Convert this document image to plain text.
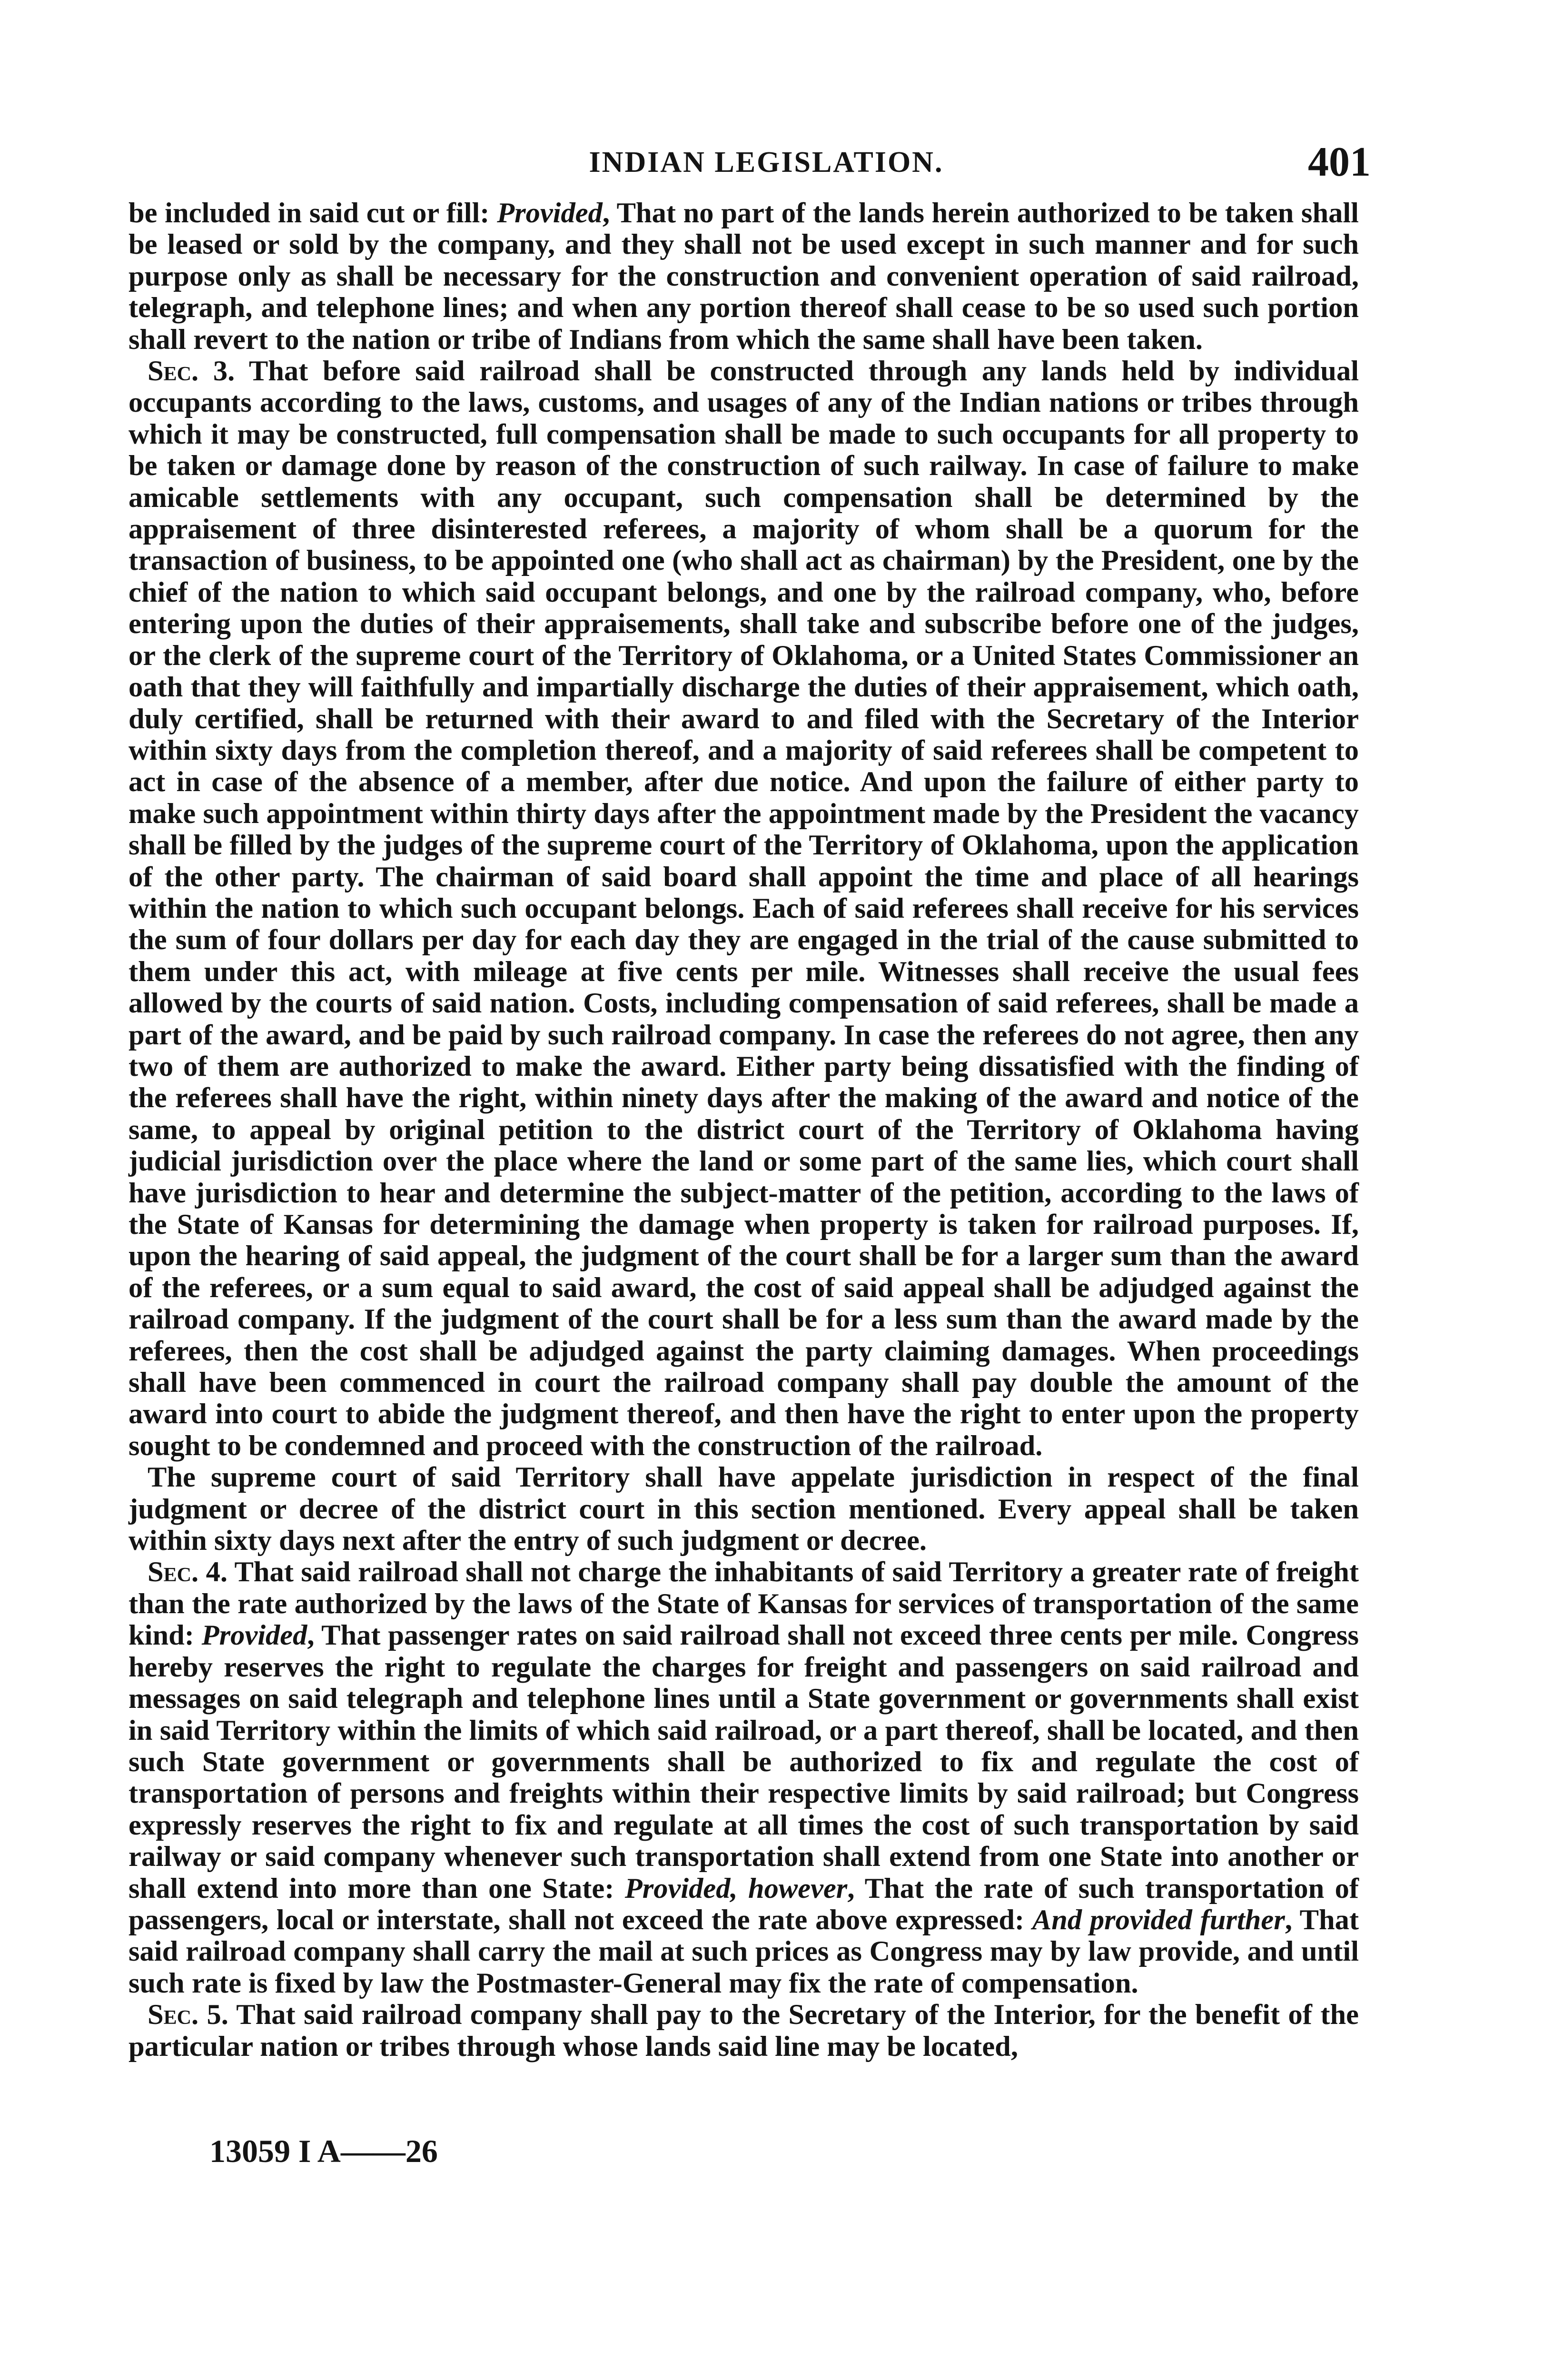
INDIAN LEGISLATION.	401

be included in said cut or fill: Provided, That no part of the lands herein authorized to be taken shall be leased or sold by the company, and they shall not be used except in such manner and for such purpose only as shall be necessary for the construction and convenient operation of said railroad, telegraph, and telephone lines; and when any portion thereof shall cease to be so used such portion shall revert to the nation or tribe of Indians from which the same shall have been taken.

Sec. 3. That before said railroad shall be constructed through any lands held by individual occupants according to the laws, customs, and usages of any of the Indian nations or tribes through which it may be constructed, full compensation shall be made to such occupants for all property to be taken or damage done by reason of the construction of such railway. In case of failure to make amicable settlements with any occupant, such compensation shall be determined by the appraisement of three disinterested referees, a majority of whom shall be a quorum for the transaction of business, to be appointed one (who shall act as chairman) by the President, one by the chief of the nation to which said occupant belongs, and one by the railroad company, who, before entering upon the duties of their appraisements, shall take and subscribe before one of the judges, or the clerk of the supreme court of the Territory of Oklahoma, or a United States Commissioner an oath that they will faithfully and impartially discharge the duties of their appraisement, which oath, duly certified, shall be returned with their award to and filed with the Secretary of the Interior within sixty days from the completion thereof, and a majority of said referees shall be competent to act in case of the absence of a member, after due notice. And upon the failure of either party to make such appointment within thirty days after the appointment made by the President the vacancy shall be filled by the judges of the supreme court of the Territory of Oklahoma, upon the application of the other party. The chairman of said board shall appoint the time and place of all hearings within the nation to which such occupant belongs. Each of said referees shall receive for his services the sum of four dollars per day for each day they are engaged in the trial of the cause submitted to them under this act, with mileage at five cents per mile. Witnesses shall receive the usual fees allowed by the courts of said nation. Costs, including compensation of said referees, shall be made a part of the award, and be paid by such railroad company. In case the referees do not agree, then any two of them are authorized to make the award. Either party being dissatisfied with the finding of the referees shall have the right, within ninety days after the making of the award and notice of the same, to appeal by original petition to the district court of the Territory of Oklahoma having judicial jurisdiction over the place where the land or some part of the same lies, which court shall have jurisdiction to hear and determine the subject-matter of the petition, according to the laws of the State of Kansas for determining the damage when property is taken for railroad purposes. If, upon the hearing of said appeal, the judgment of the court shall be for a larger sum than the award of the referees, or a sum equal to said award, the cost of said appeal shall be adjudged against the railroad company. If the judgment of the court shall be for a less sum than the award made by the referees, then the cost shall be adjudged against the party claiming damages. When proceedings shall have been commenced in court the railroad company shall pay double the amount of the award into court to abide the judgment thereof, and then have the right to enter upon the property sought to be condemned and proceed with the construction of the railroad.

The supreme court of said Territory shall have appelate jurisdiction in respect of the final judgment or decree of the district court in this section mentioned. Every appeal shall be taken within sixty days next after the entry of such judgment or decree.

Sec. 4. That said railroad shall not charge the inhabitants of said Territory a greater rate of freight than the rate authorized by the laws of the State of Kansas for services of transportation of the same kind: Provided, That passenger rates on said railroad shall not exceed three cents per mile. Congress hereby reserves the right to regulate the charges for freight and passengers on said railroad and messages on said telegraph and telephone lines until a State government or governments shall exist in said Territory within the limits of which said railroad, or a part thereof, shall be located, and then such State government or governments shall be authorized to fix and regulate the cost of transportation of persons and freights within their respective limits by said railroad; but Congress expressly reserves the right to fix and regulate at all times the cost of such transportation by said railway or said company whenever such transportation shall extend from one State into another or shall extend into more than one State: Provided, however, That the rate of such transportation of passengers, local or interstate, shall not exceed the rate above expressed: And provided further, That said railroad company shall carry the mail at such prices as Congress may by law provide, and until such rate is fixed by law the Postmaster-General may fix the rate of compensation.

Sec. 5. That said railroad company shall pay to the Secretary of the Interior, for the benefit of the particular nation or tribes through whose lands said line may be located,

13059 I A——26
